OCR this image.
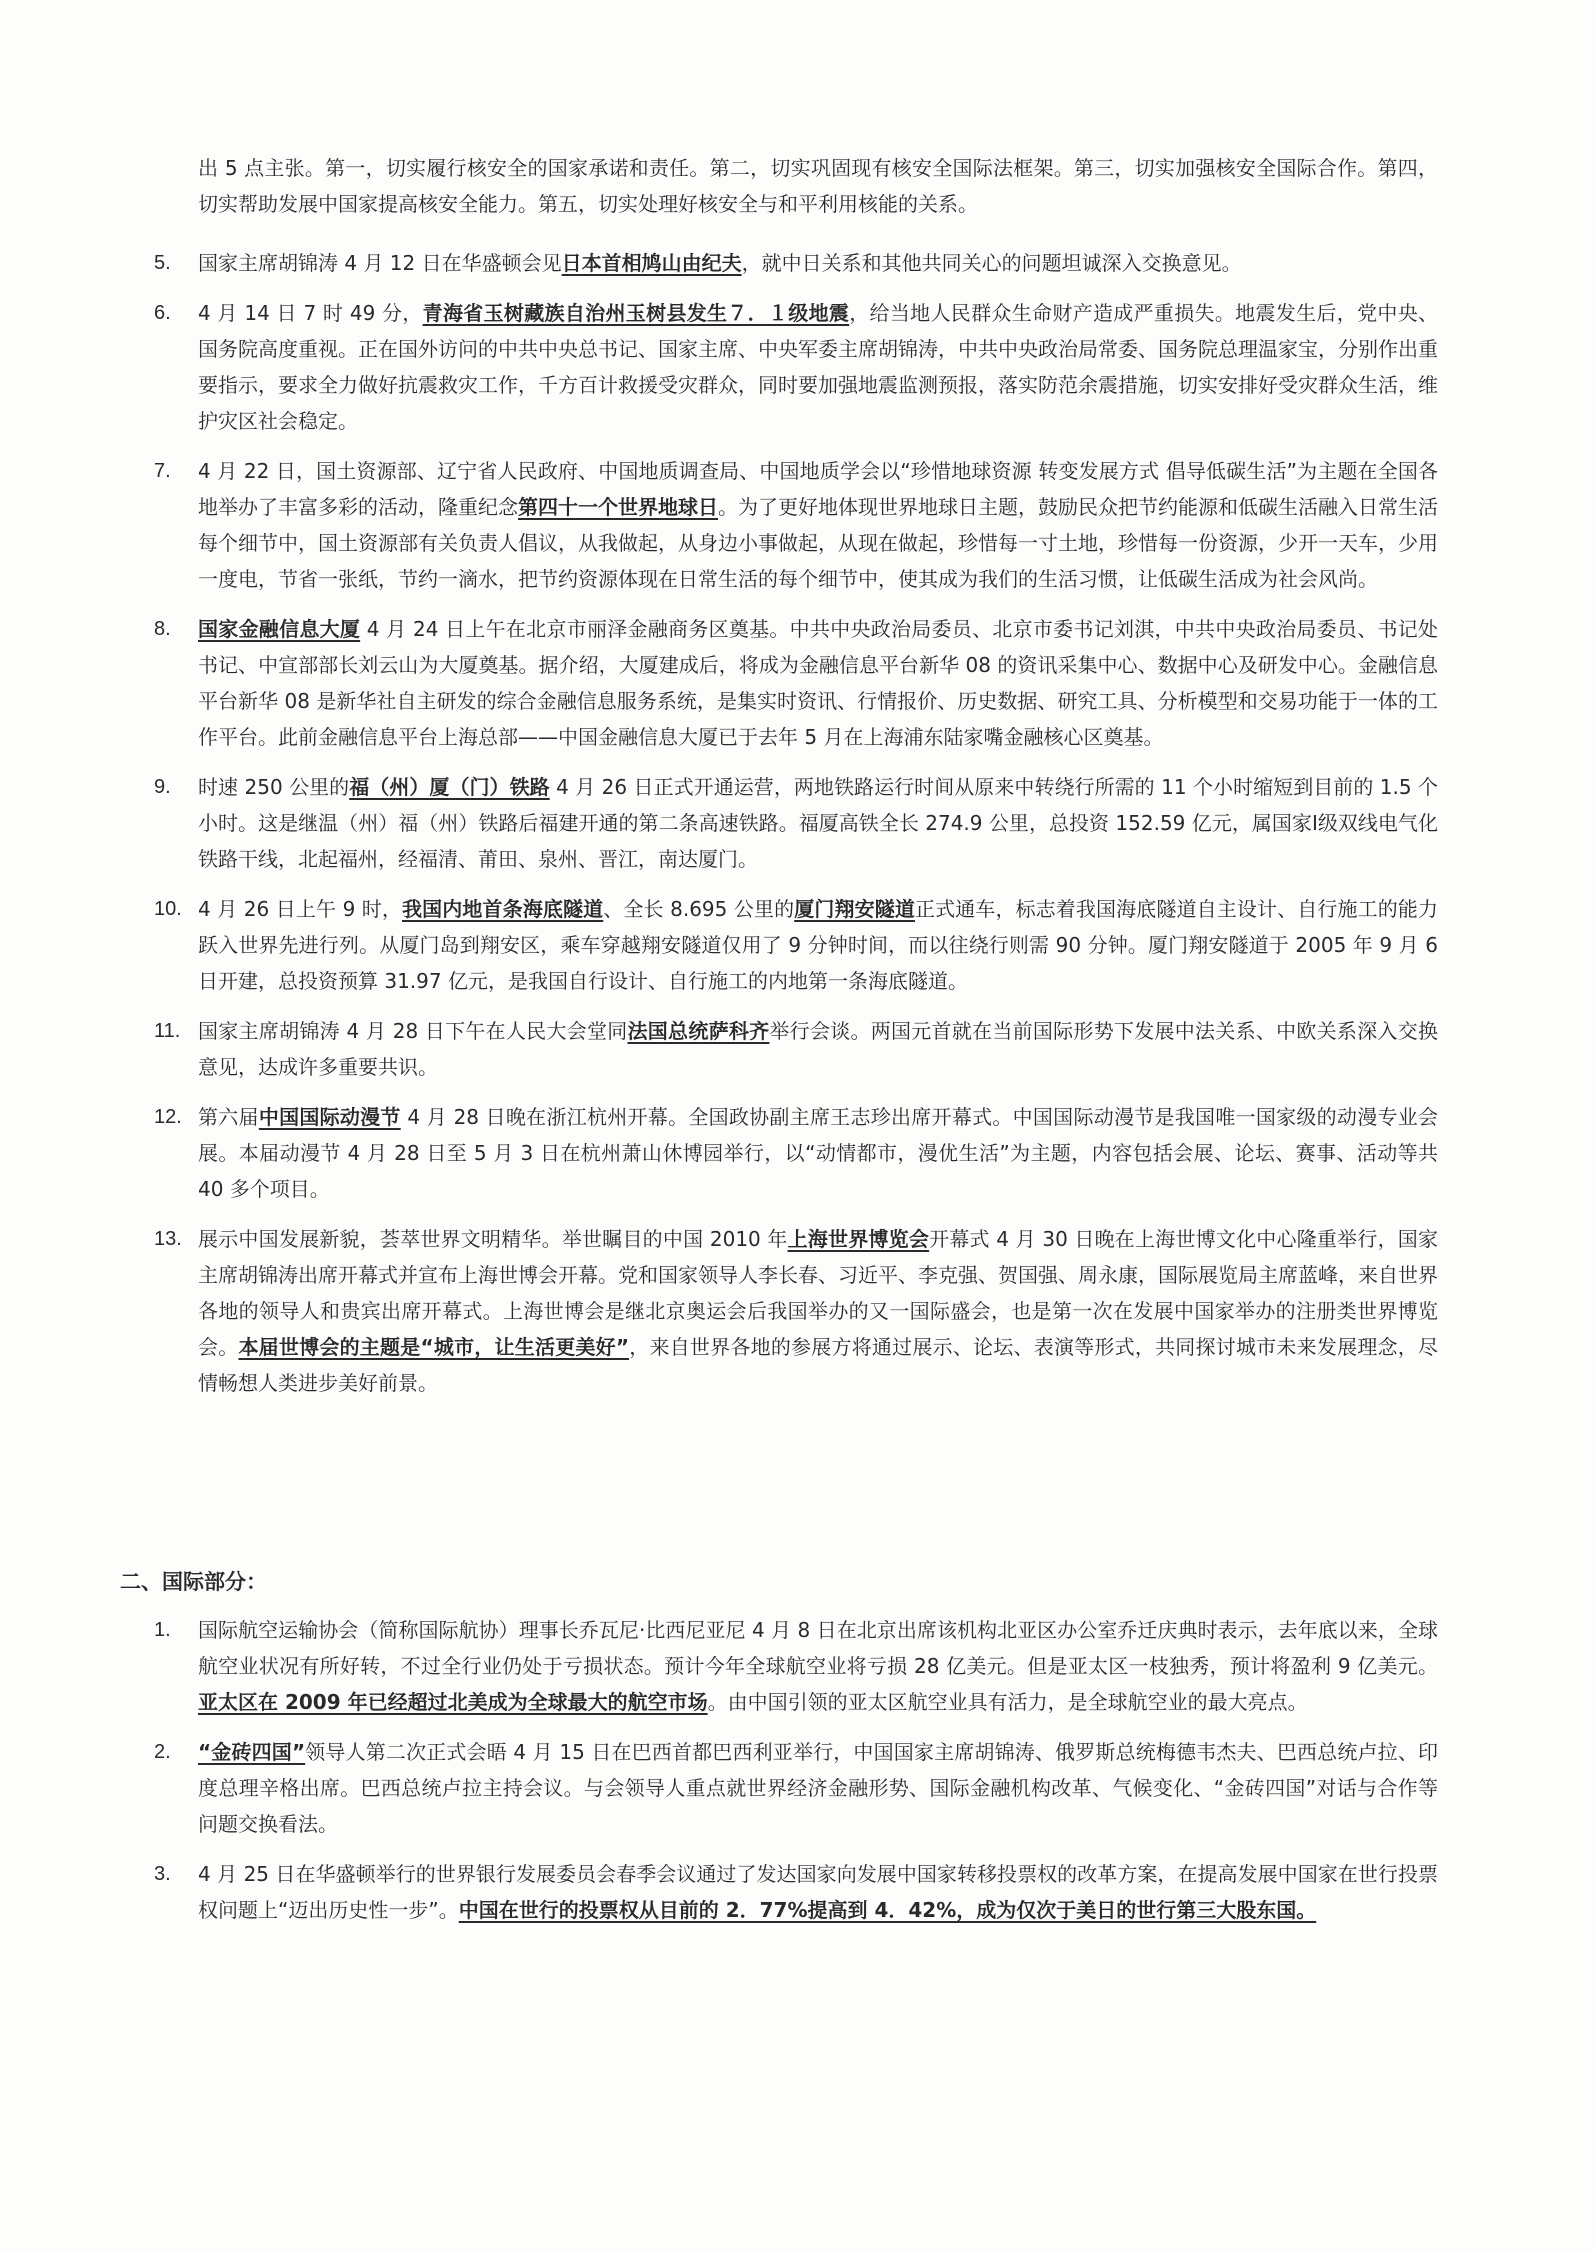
出 5 点主张。第一，切实履行核安全的国家承诺和责任。第二，切实巩固现有核安全国际法框架。第三，切实加强核安全国际合作。第四，切实帮助发展中国家提高核安全能力。第五，切实处理好核安全与和平利用核能的关系。

5.	国家主席胡锦涛 4 月 12 日在华盛顿会见日本首相鸠山由纪夫，就中日关系和其他共同关心的问题坦诚深入交换意见。
6.	4 月 14 日 7 时 49 分，青海省玉树藏族自治州玉树县发生７．１级地震，给当地人民群众生命财产造成严重损失。地震发生后，党中央、国务院高度重视。正在国外访问的中共中央总书记、国家主席、中央军委主席胡锦涛，中共中央政治局常委、国务院总理温家宝，分别作出重要指示，要求全力做好抗震救灾工作，千方百计救援受灾群众，同时要加强地震监测预报，落实防范余震措施，切实安排好受灾群众生活，维护灾区社会稳定。
7.	4 月 22 日，国土资源部、辽宁省人民政府、中国地质调查局、中国地质学会以“珍惜地球资源 转变发展方式 倡导低碳生活”为主题在全国各地举办了丰富多彩的活动，隆重纪念第四十一个世界地球日。为了更好地体现世界地球日主题，鼓励民众把节约能源和低碳生活融入日常生活每个细节中，国土资源部有关负责人倡议，从我做起，从身边小事做起，从现在做起，珍惜每一寸土地，珍惜每一份资源，少开一天车，少用一度电，节省一张纸，节约一滴水，把节约资源体现在日常生活的每个细节中，使其成为我们的生活习惯，让低碳生活成为社会风尚。
8.	国家金融信息大厦 4 月 24 日上午在北京市丽泽金融商务区奠基。中共中央政治局委员、北京市委书记刘淇，中共中央政治局委员、书记处书记、中宣部部长刘云山为大厦奠基。据介绍，大厦建成后，将成为金融信息平台新华 08 的资讯采集中心、数据中心及研发中心。金融信息平台新华 08 是新华社自主研发的综合金融信息服务系统，是集实时资讯、行情报价、历史数据、研究工具、分析模型和交易功能于一体的工作平台。此前金融信息平台上海总部——中国金融信息大厦已于去年 5 月在上海浦东陆家嘴金融核心区奠基。
9.	时速 250 公里的福（州）厦（门）铁路 4 月 26 日正式开通运营，两地铁路运行时间从原来中转绕行所需的 11 个小时缩短到目前的 1.5 个小时。这是继温（州）福（州）铁路后福建开通的第二条高速铁路。福厦高铁全长 274.9 公里，总投资 152.59 亿元，属国家Ⅰ级双线电气化铁路干线，北起福州，经福清、莆田、泉州、晋江，南达厦门。
10. 4 月 26 日上午 9 时，我国内地首条海底隧道、全长 8.695 公里的厦门翔安隧道正式通车，标志着我国海底隧道自主设计、自行施工的能力跃入世界先进行列。从厦门岛到翔安区，乘车穿越翔安隧道仅用了 9 分钟时间，而以往绕行则需 90 分钟。厦门翔安隧道于 2005 年 9 月 6 日开建，总投资预算 31.97 亿元，是我国自行设计、自行施工的内地第一条海底隧道。
11. 国家主席胡锦涛 4 月 28 日下午在人民大会堂同法国总统萨科齐举行会谈。两国元首就在当前国际形势下发展中法关系、中欧关系深入交换意见，达成许多重要共识。
12. 第六届中国国际动漫节 4 月 28 日晚在浙江杭州开幕。全国政协副主席王志珍出席开幕式。中国国际动漫节是我国唯一国家级的动漫专业会展。本届动漫节 4 月 28 日至 5 月 3 日在杭州萧山休博园举行，以“动情都市，漫优生活”为主题，内容包括会展、论坛、赛事、活动等共 40 多个项目。
13. 展示中国发展新貌，荟萃世界文明精华。举世瞩目的中国 2010 年上海世界博览会开幕式 4 月 30 日晚在上海世博文化中心隆重举行，国家主席胡锦涛出席开幕式并宣布上海世博会开幕。党和国家领导人李长春、习近平、李克强、贺国强、周永康，国际展览局主席蓝峰，来自世界各地的领导人和贵宾出席开幕式。上海世博会是继北京奥运会后我国举办的又一国际盛会，也是第一次在发展中国家举办的注册类世界博览会。本届世博会的主题是“城市，让生活更美好”，来自世界各地的参展方将通过展示、论坛、表演等形式，共同探讨城市未来发展理念，尽情畅想人类进步美好前景。
二、国际部分：
1.	国际航空运输协会（简称国际航协）理事长乔瓦尼·比西尼亚尼 4 月 8 日在北京出席该机构北亚区办公室乔迁庆典时表示，去年底以来，全球航空业状况有所好转，不过全行业仍处于亏损状态。预计今年全球航空业将亏损 28 亿美元。但是亚太区一枝独秀，预计将盈利 9 亿美元。亚太区在 2009 年已经超过北美成为全球最大的航空市场。由中国引领的亚太区航空业具有活力，是全球航空业的最大亮点。
2.	“金砖四国”领导人第二次正式会晤 4 月 15 日在巴西首都巴西利亚举行，中国国家主席胡锦涛、俄罗斯总统梅德韦杰夫、巴西总统卢拉、印度总理辛格出席。巴西总统卢拉主持会议。与会领导人重点就世界经济金融形势、国际金融机构改革、气候变化、“金砖四国”对话与合作等问题交换看法。
3.	4 月 25 日在华盛顿举行的世界银行发展委员会春季会议通过了发达国家向发展中国家转移投票权的改革方案，在提高发展中国家在世行投票权问题上“迈出历史性一步”。中国在世行的投票权从目前的 2．77%提高到 4．42%，成为仅次于美日的世行第三大股东国。
